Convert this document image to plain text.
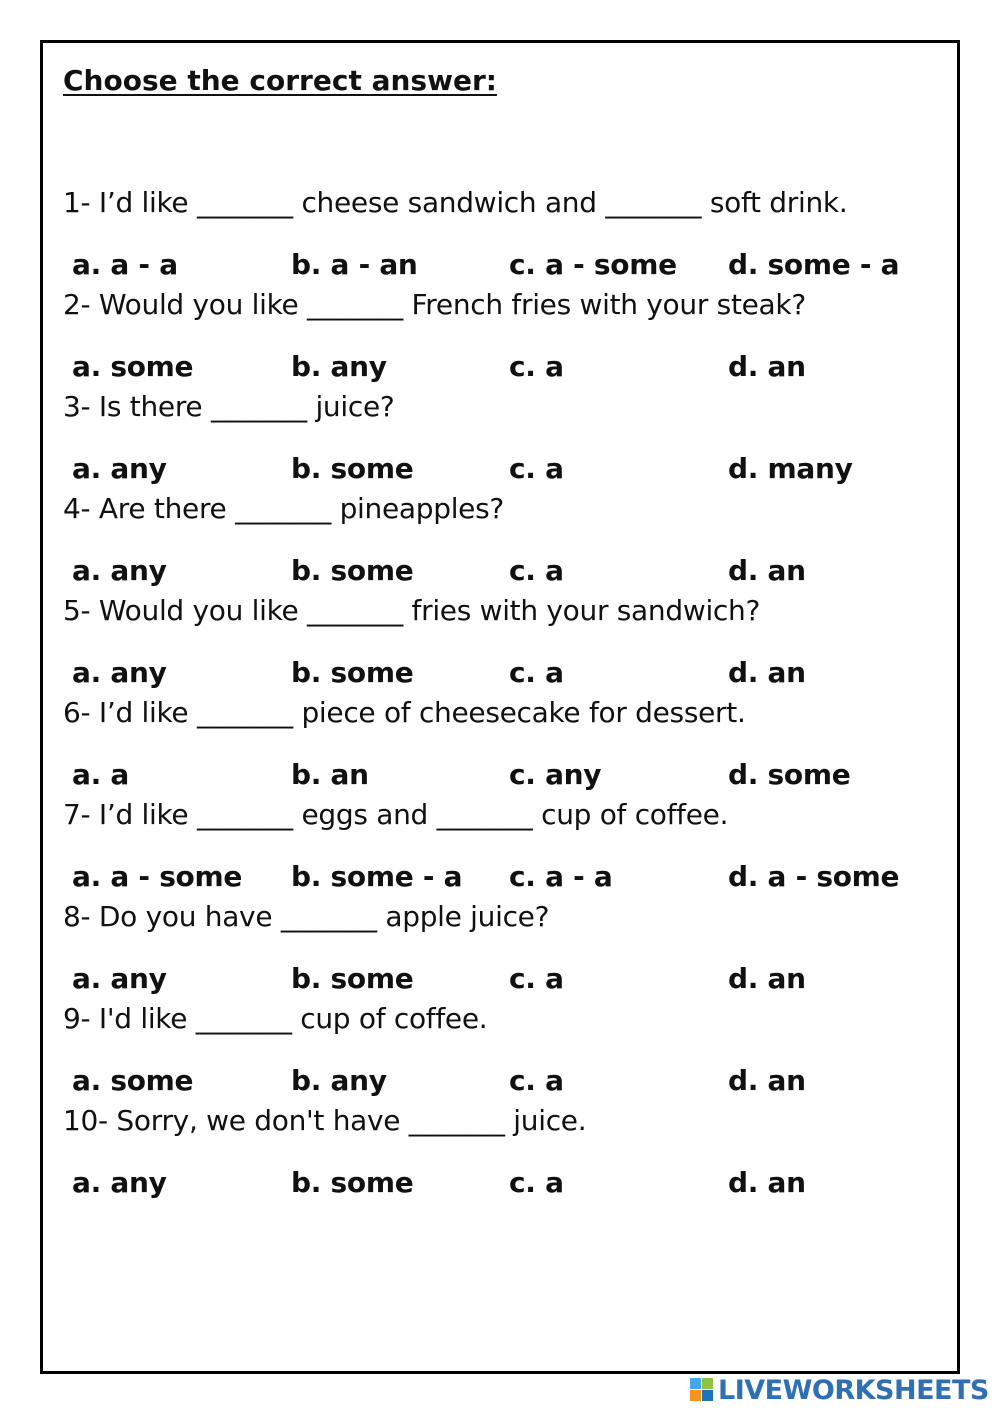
Choose the correct answer:
1- I’d like _______ cheese sandwich and _______ soft drink.
a. a - a	b. a - an	c. a - some d. some - a
2- Would you like _______ French fries with your steak?
a. some	b. any	c. a	d. an
3- Is there _______ juice?
a. any	b. some	c. a	d. many
4- Are there _______ pineapples?
a. any	b. some	c. a	d. an
5- Would you like _______ fries with your sandwich?
a. any	b. some	c. a	d. an
6- I’d like _______ piece of cheesecake for dessert.
a. a	b. an	c. any	d. some
7- I’d like _______ eggs and _______ cup of coffee.
a. a - some b. some - a c. a - a	d. a - some
8- Do you have _______ apple juice?
a. any	b. some	c. a	d. an
9- I'd like _______ cup of coffee.
a. some	b. any	c. a	d. an
10- Sorry, we don't have _______ juice.
a. any	b. some	c. a	d. an
LIVEWORKSHEETS
